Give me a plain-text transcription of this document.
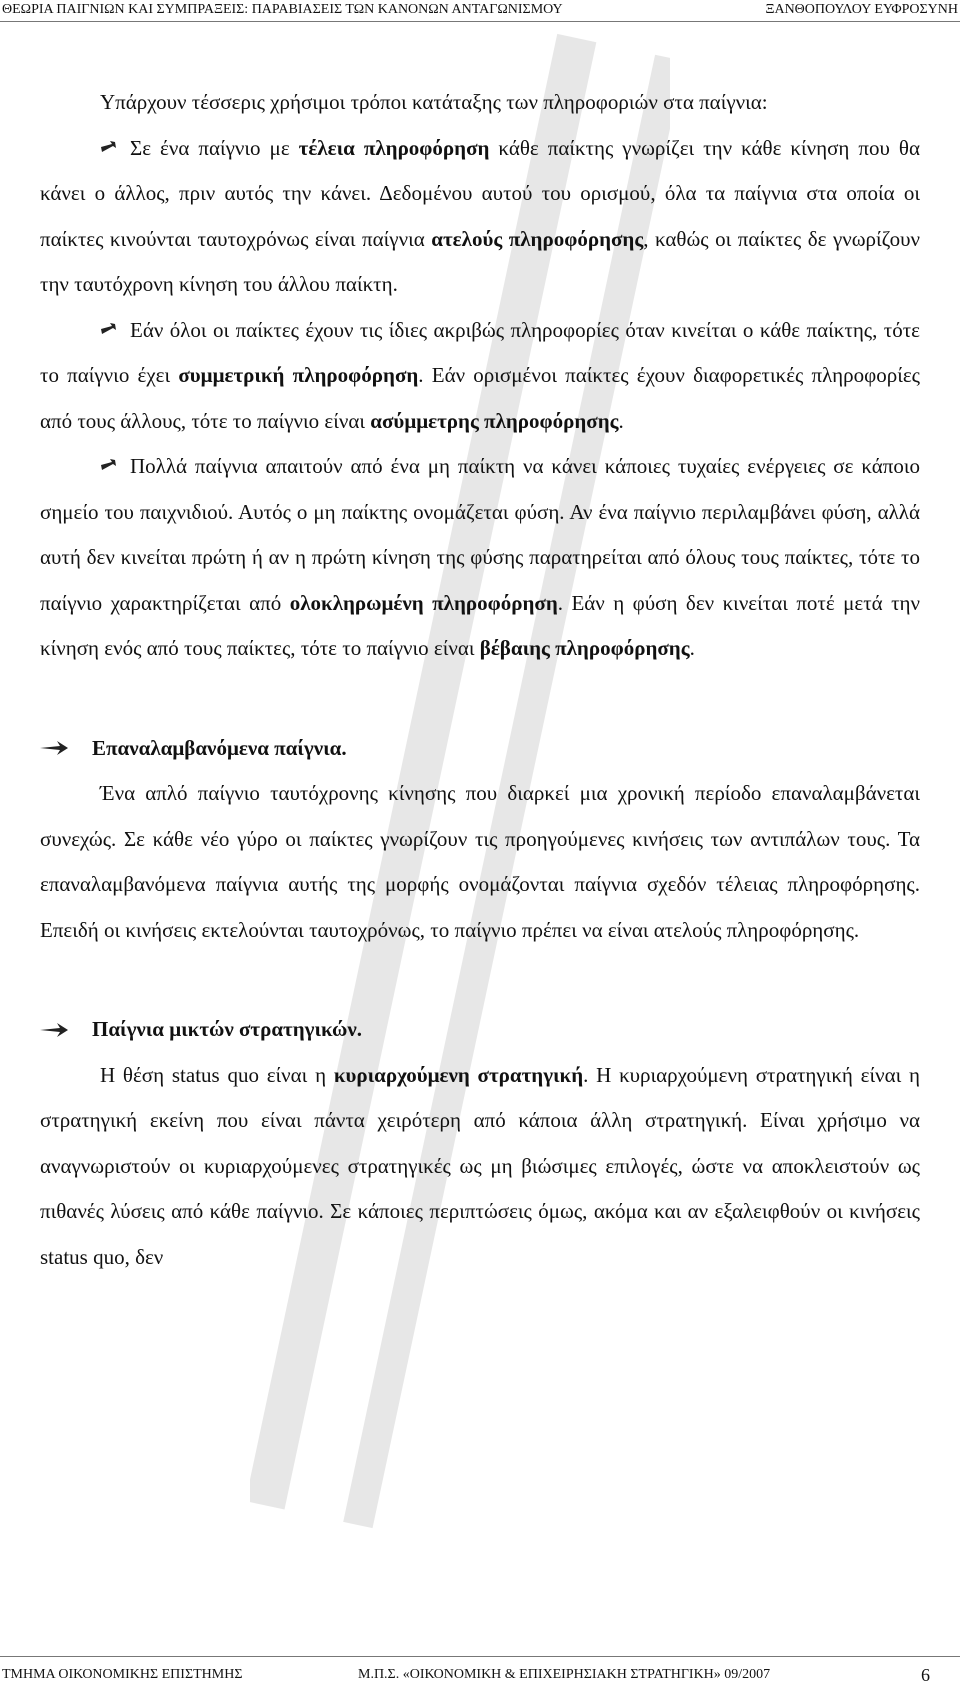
ΘΕΩΡΙΑ ΠΑΙΓΝΙΩΝ ΚΑΙ ΣΥΜΠΡΑΞΕΙΣ: ΠΑΡΑΒΙΑΣΕΙΣ ΤΩΝ ΚΑΝΟΝΩΝ ΑΝΤΑΓΩΝΙΣΜΟΥ	ΞΑΝΘΟΠΟΥΛΟΥ ΕΥΦΡΟΣΥΝΗ

Υπάρχουν τέσσερις χρήσιμοι τρόποι κατάταξης των πληροφοριών στα παίγνια:

Σε ένα παίγνιο με τέλεια πληροφόρηση κάθε παίκτης γνωρίζει την κάθε κίνηση που θα κάνει ο άλλος, πριν αυτός την κάνει. Δεδομένου αυτού του ορισμού, όλα τα παίγνια στα οποία οι παίκτες κινούνται ταυτοχρόνως είναι παίγνια ατελούς πληροφόρησης, καθώς οι παίκτες δε γνωρίζουν την ταυτόχρονη κίνηση του άλλου παίκτη.

Εάν όλοι οι παίκτες έχουν τις ίδιες ακριβώς πληροφορίες όταν κινείται ο κάθε παίκτης, τότε το παίγνιο έχει συμμετρική πληροφόρηση. Εάν ορισμένοι παίκτες έχουν διαφορετικές πληροφορίες από τους άλλους, τότε το παίγνιο είναι ασύμμετρης πληροφόρησης.

Πολλά παίγνια απαιτούν από ένα μη παίκτη να κάνει κάποιες τυχαίες ενέργειες σε κάποιο σημείο του παιχνιδιού. Αυτός ο μη παίκτης ονομάζεται φύση. Αν ένα παίγνιο περιλαμβάνει φύση, αλλά αυτή δεν κινείται πρώτη ή αν η πρώτη κίνηση της φύσης παρατηρείται από όλους τους παίκτες, τότε το παίγνιο χαρακτηρίζεται από ολοκληρωμένη πληροφόρηση. Εάν η φύση δεν κινείται ποτέ μετά την κίνηση ενός από τους παίκτες, τότε το παίγνιο είναι βέβαιης πληροφόρησης.

Επαναλαμβανόμενα παίγνια.

Ένα απλό παίγνιο ταυτόχρονης κίνησης που διαρκεί μια χρονική περίοδο επαναλαμβάνεται συνεχώς. Σε κάθε νέο γύρο οι παίκτες γνωρίζουν τις προηγούμενες κινήσεις των αντιπάλων τους. Τα επαναλαμβανόμενα παίγνια αυτής της μορφής ονομάζονται παίγνια σχεδόν τέλειας πληροφόρησης. Επειδή οι κινήσεις εκτελούνται ταυτοχρόνως, το παίγνιο πρέπει να είναι ατελούς πληροφόρησης.

Παίγνια μικτών στρατηγικών.

Η θέση status quo είναι η κυριαρχούμενη στρατηγική. Η κυριαρχούμενη στρατηγική είναι η στρατηγική εκείνη που είναι πάντα χειρότερη από κάποια άλλη στρατηγική. Είναι χρήσιμο να αναγνωριστούν οι κυριαρχούμενες στρατηγικές ως μη βιώσιμες επιλογές, ώστε να αποκλειστούν ως πιθανές λύσεις από κάθε παίγνιο. Σε κάποιες περιπτώσεις όμως, ακόμα και αν εξαλειφθούν οι κινήσεις status quo, δεν

ΤΜΗΜΑ ΟΙΚΟΝΟΜΙΚΗΣ ΕΠΙΣΤΗΜΗΣ	Μ.Π.Σ. «ΟΙΚΟΝΟΜΙΚΗ & ΕΠΙΧΕΙΡΗΣΙΑΚΗ ΣΤΡΑΤΗΓΙΚΗ» 09/2007	6
